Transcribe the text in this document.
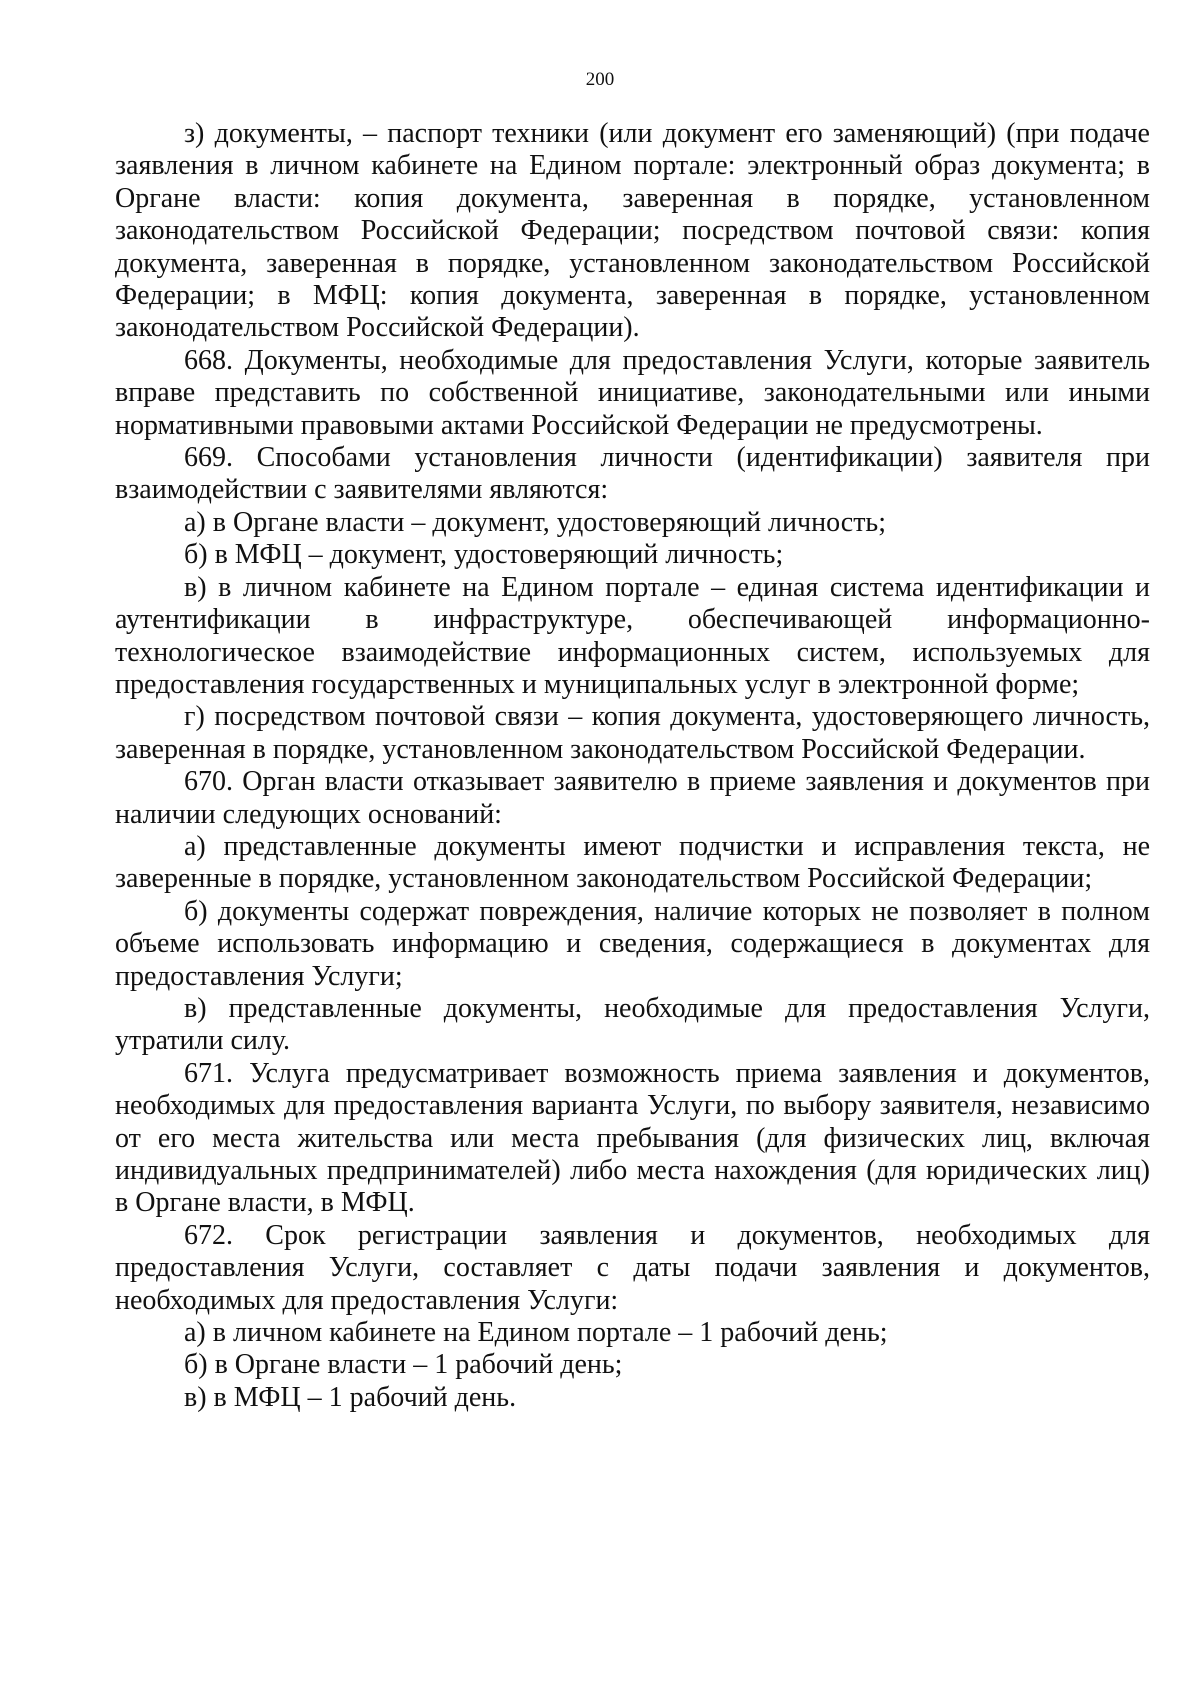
200

з) документы, – паспорт техники (или документ его заменяющий) (при подаче заявления в личном кабинете на Едином портале: электронный образ документа; в Органе власти: копия документа, заверенная в порядке, установленном законодательством Российской Федерации; посредством почтовой связи: копия документа, заверенная в порядке, установленном законодательством Российской Федерации; в МФЦ: копия документа, заверенная в порядке, установленном законодательством Российской Федерации).

668. Документы, необходимые для предоставления Услуги, которые заявитель вправе представить по собственной инициативе, законодательными или иными нормативными правовыми актами Российской Федерации не предусмотрены.

669. Способами установления личности (идентификации) заявителя при взаимодействии с заявителями являются:

а) в Органе власти – документ, удостоверяющий личность;

б) в МФЦ – документ, удостоверяющий личность;

в) в личном кабинете на Едином портале – единая система идентификации и аутентификации в инфраструктуре, обеспечивающей информационно-технологическое взаимодействие информационных систем, используемых для предоставления государственных и муниципальных услуг в электронной форме;

г) посредством почтовой связи – копия документа, удостоверяющего личность, заверенная в порядке, установленном законодательством Российской Федерации.

670. Орган власти отказывает заявителю в приеме заявления и документов при наличии следующих оснований:

а) представленные документы имеют подчистки и исправления текста, не заверенные в порядке, установленном законодательством Российской Федерации;

б) документы содержат повреждения, наличие которых не позволяет в полном объеме использовать информацию и сведения, содержащиеся в документах для предоставления Услуги;

в) представленные документы, необходимые для предоставления Услуги, утратили силу.

671. Услуга предусматривает возможность приема заявления и документов, необходимых для предоставления варианта Услуги, по выбору заявителя, независимо от его места жительства или места пребывания (для физических лиц, включая индивидуальных предпринимателей) либо места нахождения (для юридических лиц) в Органе власти, в МФЦ.

672. Срок регистрации заявления и документов, необходимых для предоставления Услуги, составляет с даты подачи заявления и документов, необходимых для предоставления Услуги:

а) в личном кабинете на Едином портале – 1 рабочий день;

б) в Органе власти – 1 рабочий день;

в) в МФЦ – 1 рабочий день.
